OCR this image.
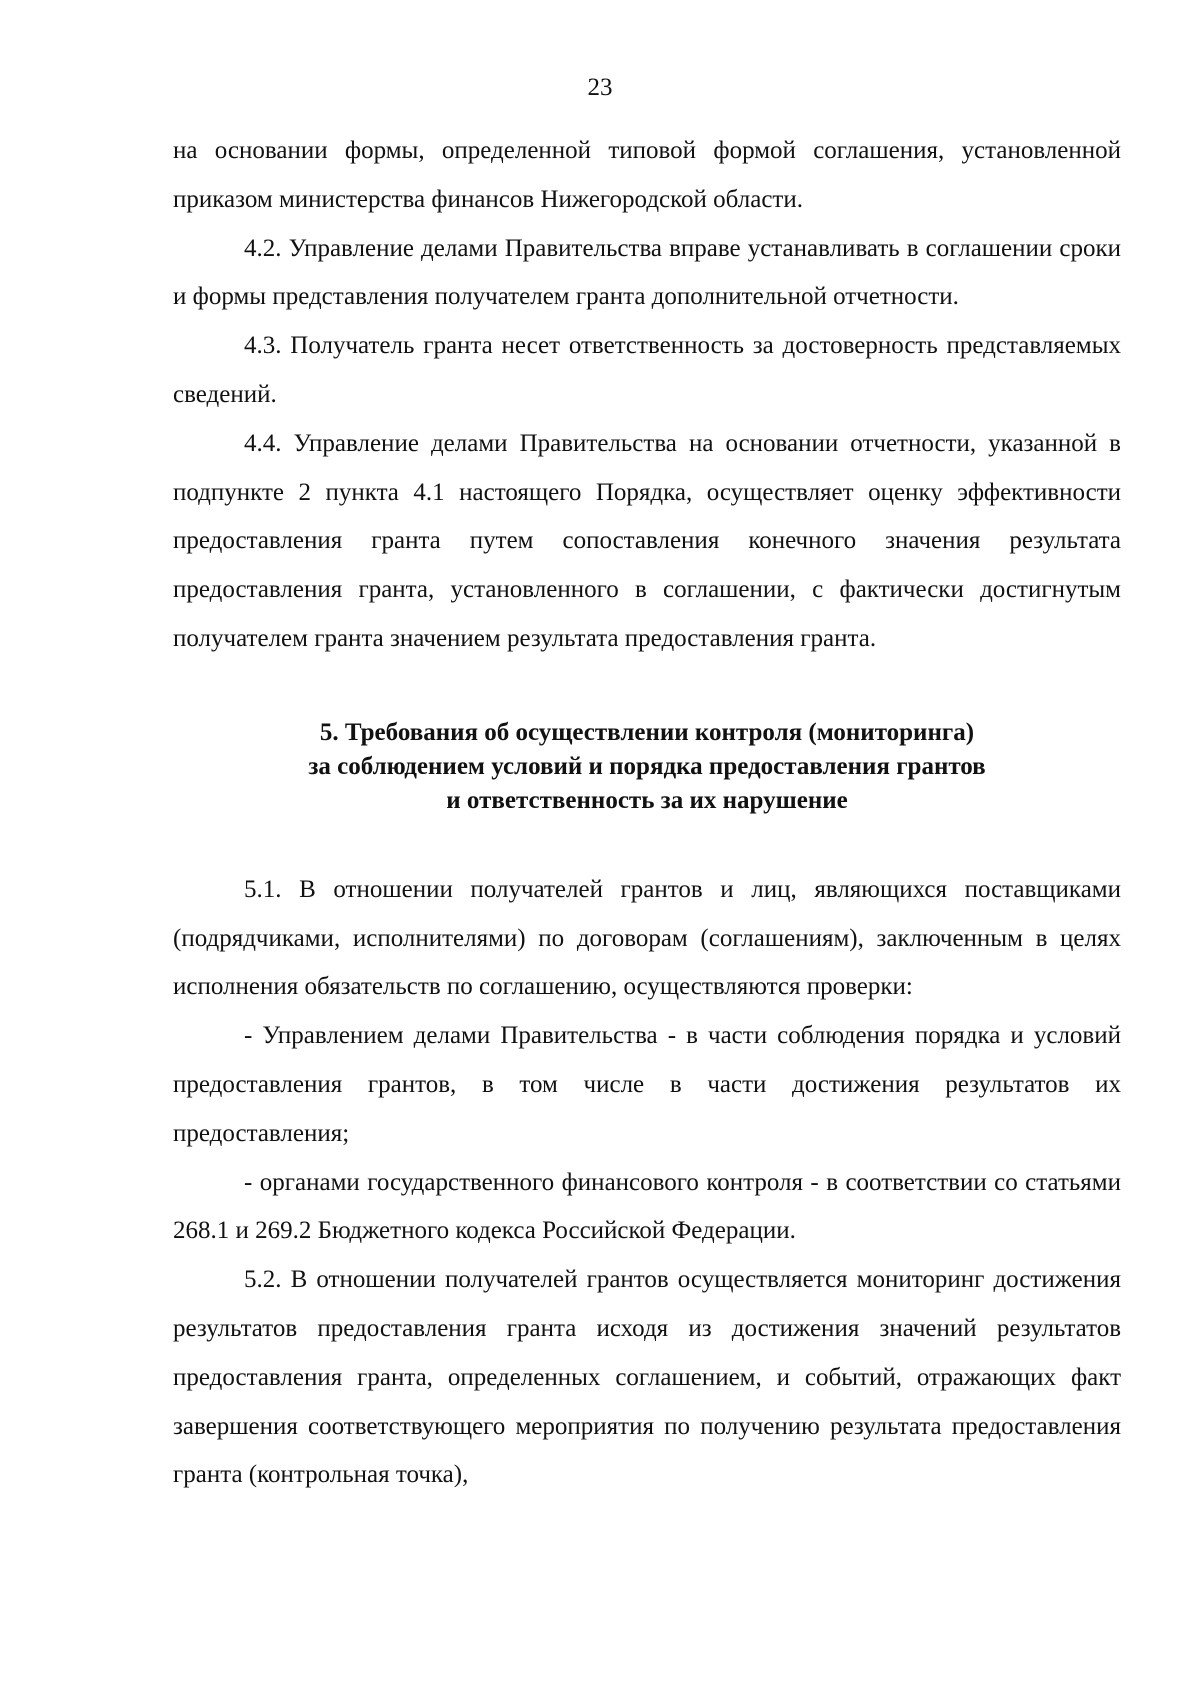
23

на основании формы, определенной типовой формой соглашения, установленной приказом министерства финансов Нижегородской области.

4.2. Управление делами Правительства вправе устанавливать в соглашении сроки и формы представления получателем гранта дополнительной отчетности.

4.3. Получатель гранта несет ответственность за достоверность представляемых сведений.

4.4. Управление делами Правительства на основании отчетности, указанной в подпункте 2 пункта 4.1 настоящего Порядка, осуществляет оценку эффективности предоставления гранта путем сопоставления конечного значения результата предоставления гранта, установленного в соглашении, с фактически достигнутым получателем гранта значением результата предоставления гранта.

5. Требования об осуществлении контроля (мониторинга)
за соблюдением условий и порядка предоставления грантов
и ответственность за их нарушение

5.1. В отношении получателей грантов и лиц, являющихся поставщиками (подрядчиками, исполнителями) по договорам (соглашениям), заключенным в целях исполнения обязательств по соглашению, осуществляются проверки:

- Управлением делами Правительства - в части соблюдения порядка и условий предоставления грантов, в том числе в части достижения результатов их предоставления;

- органами государственного финансового контроля - в соответствии со статьями 268.1 и 269.2 Бюджетного кодекса Российской Федерации.

5.2. В отношении получателей грантов осуществляется мониторинг достижения результатов предоставления гранта исходя из достижения значений результатов предоставления гранта, определенных соглашением, и событий, отражающих факт завершения соответствующего мероприятия по получению результата предоставления гранта (контрольная точка),
